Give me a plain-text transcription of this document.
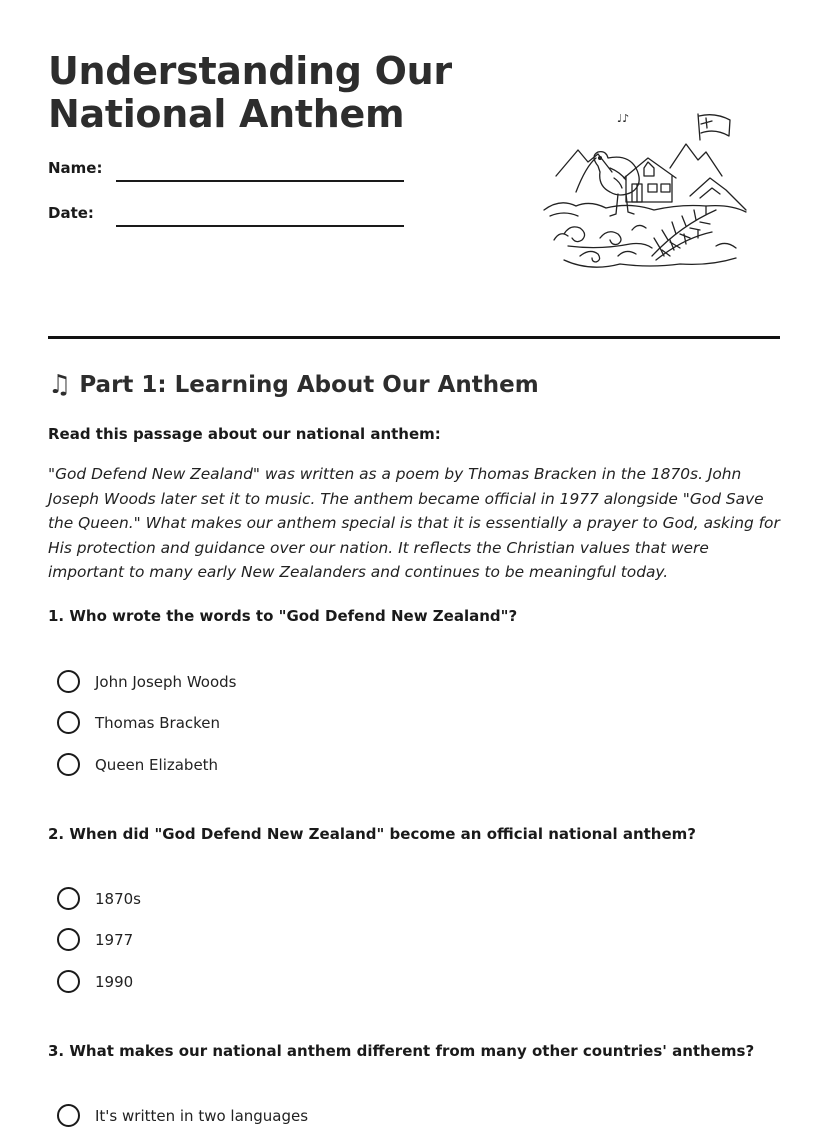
Understanding Our
National Anthem
Name:
Date:
♩♪
♫ Part 1: Learning About Our Anthem
Read this passage about our national anthem:

"God Defend New Zealand" was written as a poem by Thomas Bracken in the 1870s. John Joseph Woods later set it to music. The anthem became official in 1977 alongside "God Save the Queen." What makes our anthem special is that it is essentially a prayer to God, asking for His protection and guidance over our nation. It reflects the Christian values that were important to many early New Zealanders and continues to be meaningful today.

1. Who wrote the words to "God Defend New Zealand"?
John Joseph Woods
Thomas Bracken
Queen Elizabeth
2. When did "God Defend New Zealand" become an official national anthem?
1870s
1977
1990
3. What makes our national anthem different from many other countries' anthems?
It's written in two languages
